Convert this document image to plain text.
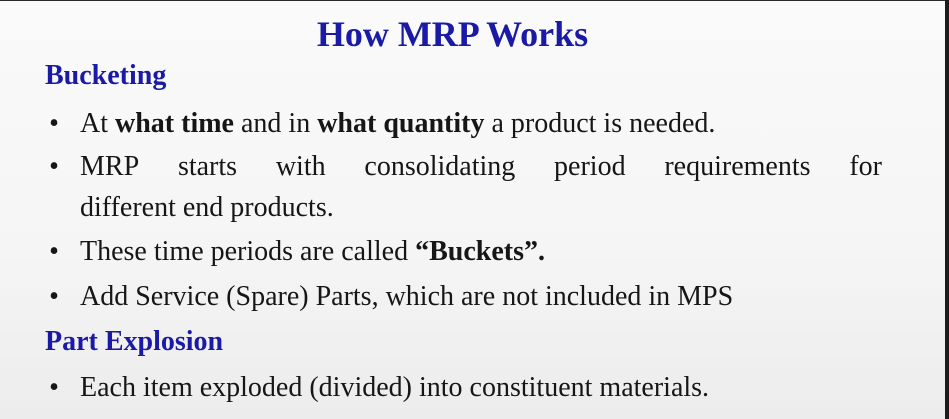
How MRP Works
Bucketing
• At what time and in what quantity a product is needed.
• MRP starts with consolidating period requirements for
different end products.
• These time periods are called “Buckets”.
• Add Service (Spare) Parts, which are not included in MPS
Part Explosion
• Each item exploded (divided) into constituent materials.
